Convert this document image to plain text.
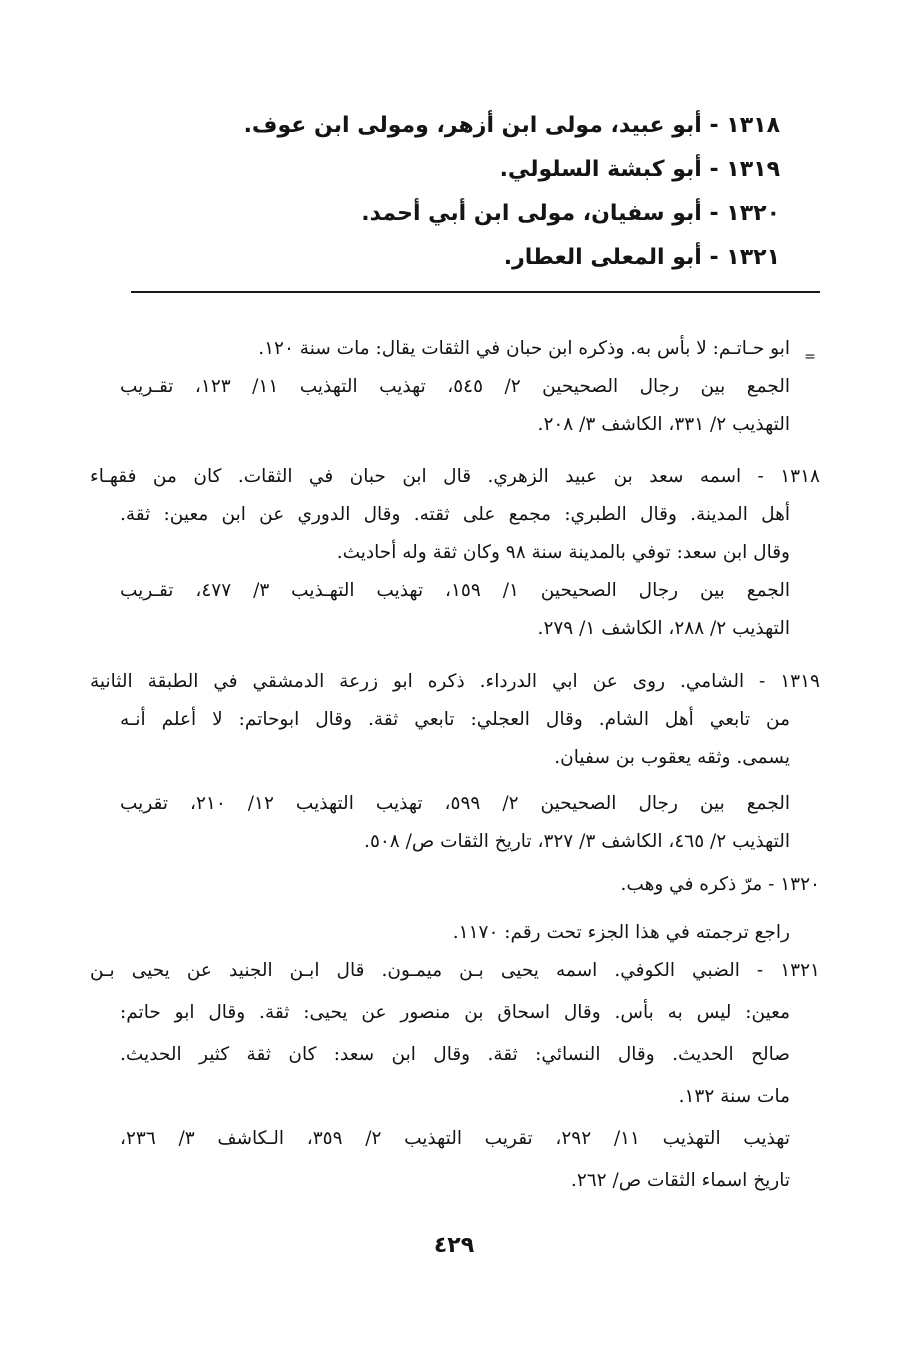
١٣١٨ - أبو عبيد، مولى ابن أزهر، ومولى ابن عوف.
١٣١٩ - أبو كبشة السلولي.
١٣٢٠ - أبو سفيان، مولى ابن أبي أحمد.
١٣٢١ - أبو المعلى العطار.
=
ابو حـاتـم: لا بأس به. وذكره ابن حبان في الثقات يقال: مات سنة ١٢٠.
الجمع بين رجال الصحيحين ٢/ ٥٤٥، تهذيب التهذيب ١١/ ١٢٣، تقـريب
التهذيب ٢/ ٣٣١، الكاشف ٣/ ٢٠٨.
١٣١٨ - اسمه سعد بن عبيد الزهري. قال ابن حبان في الثقات. كان من فقهـاء
أهل المدينة. وقال الطبري: مجمع على ثقته. وقال الدوري عن ابن معين: ثقة.
وقال ابن سعد: توفي بالمدينة سنة ٩٨ وكان ثقة وله أحاديث.
الجمع بين رجال الصحيحين ١/ ١٥٩، تهذيب التهـذيب ٣/ ٤٧٧، تقـريب
التهذيب ٢/ ٢٨٨، الكاشف ١/ ٢٧٩.
١٣١٩ - الشامي. روى عن ابي الدرداء. ذكره ابو زرعة الدمشقي في الطبقة الثانية
من تابعي أهل الشام. وقال العجلي: تابعي ثقة. وقال ابوحاتم: لا أعلم أنـه
يسمى. وثقه يعقوب بن سفيان.
الجمع بين رجال الصحيحين ٢/ ٥٩٩، تهذيب التهذيب ١٢/ ٢١٠، تقريب
التهذيب ٢/ ٤٦٥، الكاشف ٣/ ٣٢٧، تاريخ الثقات ص/ ٥٠٨.
١٣٢٠ - مرّ ذكره في وهب.
راجع ترجمته في هذا الجزء تحت رقم: ١١٧٠.
١٣٢١ - الضبي الكوفي. اسمه يحيى بـن ميمـون. قال ابـن الجنيد عن يحيى بـن
معين: ليس به بأس. وقال اسحاق بن منصور عن يحيى: ثقة. وقال ابو حاتم:
صالح الحديث. وقال النسائي: ثقة. وقال ابن سعد: كان ثقة كثير الحديث.
مات سنة ١٣٢.
تهذيب التهذيب ١١/ ٢٩٢، تقريب التهذيب ٢/ ٣٥٩، الـكاشف ٣/ ٢٣٦،
تاريخ اسماء الثقات ص/ ٢٦٢.
٤٢٩
